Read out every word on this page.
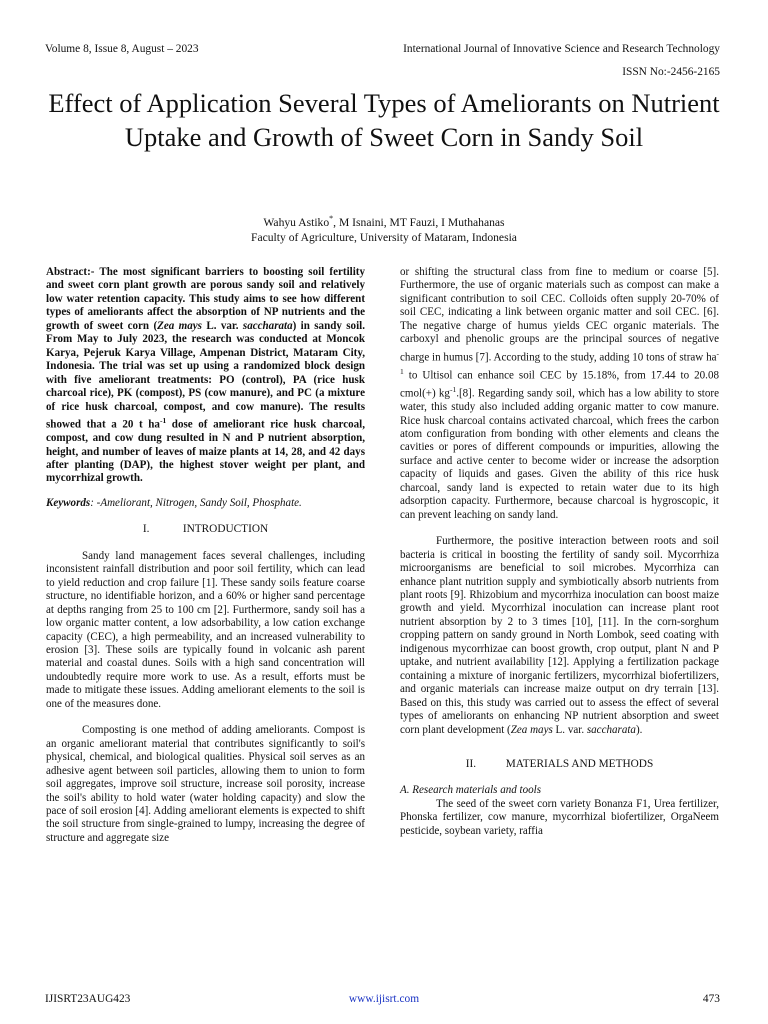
Volume 8, Issue 8, August – 2023	International Journal of Innovative Science and Research Technology
ISSN No:-2456-2165
Effect of Application Several Types of Ameliorants on Nutrient Uptake and Growth of Sweet Corn in Sandy Soil
Wahyu Astiko*, M Isnaini, MT Fauzi, I Muthahanas
Faculty of Agriculture, University of Mataram, Indonesia

Abstract:- The most significant barriers to boosting soil fertility and sweet corn plant growth are porous sandy soil and relatively low water retention capacity. This study aims to see how different types of ameliorants affect the absorption of NP nutrients and the growth of sweet corn (Zea mays L. var. saccharata) in sandy soil. From May to July 2023, the research was conducted at Moncok Karya, Pejeruk Karya Village, Ampenan District, Mataram City, Indonesia. The trial was set up using a randomized block design with five ameliorant treatments: PO (control), PA (rice husk charcoal rice), PK (compost), PS (cow manure), and PC (a mixture of rice husk charcoal, compost, and cow manure). The results showed that a 20 t $ha^{-1}$ dose of ameliorant rice husk charcoal, compost, and cow dung resulted in N and P nutrient absorption, height, and number of leaves of maize plants at 14, 28, and 42 days after planting (DAP), the highest stover weight per plant, and mycorrhizal growth.

Keywords: -Ameliorant, Nitrogen, Sandy Soil, Phosphate.

I.	INTRODUCTION

Sandy land management faces several challenges, including inconsistent rainfall distribution and poor soil fertility, which can lead to yield reduction and crop failure [1]. These sandy soils feature coarse structure, no identifiable horizon, and a 60% or higher sand percentage at depths ranging from 25 to 100 cm [2]. Furthermore, sandy soil has a low organic matter content, a low adsorbability, a low cation exchange capacity (CEC), a high permeability, and an increased vulnerability to erosion [3]. These soils are typically found in volcanic ash parent material and coastal dunes. Soils with a high sand concentration will undoubtedly require more work to use. As a result, efforts must be made to mitigate these issues. Adding ameliorant elements to the soil is one of the measures done.

Composting is one method of adding ameliorants. Compost is an organic ameliorant material that contributes significantly to soil's physical, chemical, and biological qualities. Physical soil serves as an adhesive agent between soil particles, allowing them to union to form soil aggregates, improve soil structure, increase soil porosity, increase the soil's ability to hold water (water holding capacity) and slow the pace of soil erosion [4]. Adding ameliorant elements is expected to shift the soil structure from single-grained to lumpy, increasing the degree of structure and aggregate size

or shifting the structural class from fine to medium or coarse [5]. Furthermore, the use of organic materials such as compost can make a significant contribution to soil CEC. Colloids often supply 20-70% of soil CEC, indicating a link between organic matter and soil CEC. [6]. The negative charge of humus yields CEC organic materials. The carboxyl and phenolic groups are the principal sources of negative charge in humus [7]. According to the study, adding 10 tons of straw $ha^{-1}$ to Ultisol can enhance soil CEC by 15.18%, from 17.44 to 20.08 cmol(+) $kg^{-1}.[8]$. Regarding sandy soil, which has a low ability to store water, this study also included adding organic matter to cow manure. Rice husk charcoal contains activated charcoal, which frees the carbon atom configuration from bonding with other elements and cleans the cavities or pores of different compounds or impurities, allowing the surface and active center to become wider or increase the adsorption capacity of liquids and gases. Given the ability of this rice husk charcoal, sandy land is expected to retain water due to its high adsorption capacity. Furthermore, because charcoal is hygroscopic, it can prevent leaching on sandy land.

Furthermore, the positive interaction between roots and soil bacteria is critical in boosting the fertility of sandy soil. Mycorrhiza microorganisms are beneficial to soil microbes. Mycorrhiza can enhance plant nutrition supply and symbiotically absorb nutrients from plant roots [9]. Rhizobium and mycorrhiza inoculation can boost maize growth and yield. Mycorrhizal inoculation can increase plant root nutrient absorption by 2 to 3 times [10], [11]. In the corn-sorghum cropping pattern on sandy ground in North Lombok, seed coating with indigenous mycorrhizae can boost growth, crop output, plant N and P uptake, and nutrient availability [12]. Applying a fertilization package containing a mixture of inorganic fertilizers, mycorrhizal biofertilizers, and organic materials can increase maize output on dry terrain [13]. Based on this, this study was carried out to assess the effect of several types of ameliorants on enhancing NP nutrient absorption and sweet corn plant development (Zea mays L. var. saccharata).

II.	MATERIALS AND METHODS

A. Research materials and tools

The seed of the sweet corn variety Bonanza F1, Urea fertilizer, Phonska fertilizer, cow manure, mycorrhizal biofertilizer, OrgaNeem pesticide, soybean variety, raffia

IJISRT23AUG423	www.ijisrt.com	473
